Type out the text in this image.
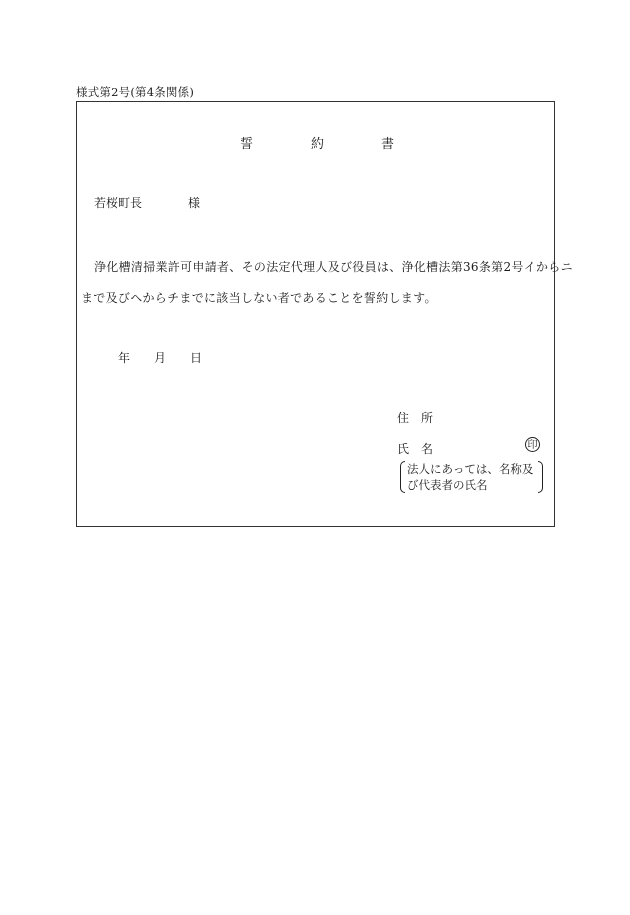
様式第2号(第4条関係)
誓	約	書
若桜町長	様
浄化槽清掃業許可申請者、その法定代理人及び役員は、浄化槽法第36条第2号イからニ
まで及びヘからチまでに該当しない者であることを誓約します。
年 月 日
住　所
氏　名	印
法人にあっては、名称及
び代表者の氏名
